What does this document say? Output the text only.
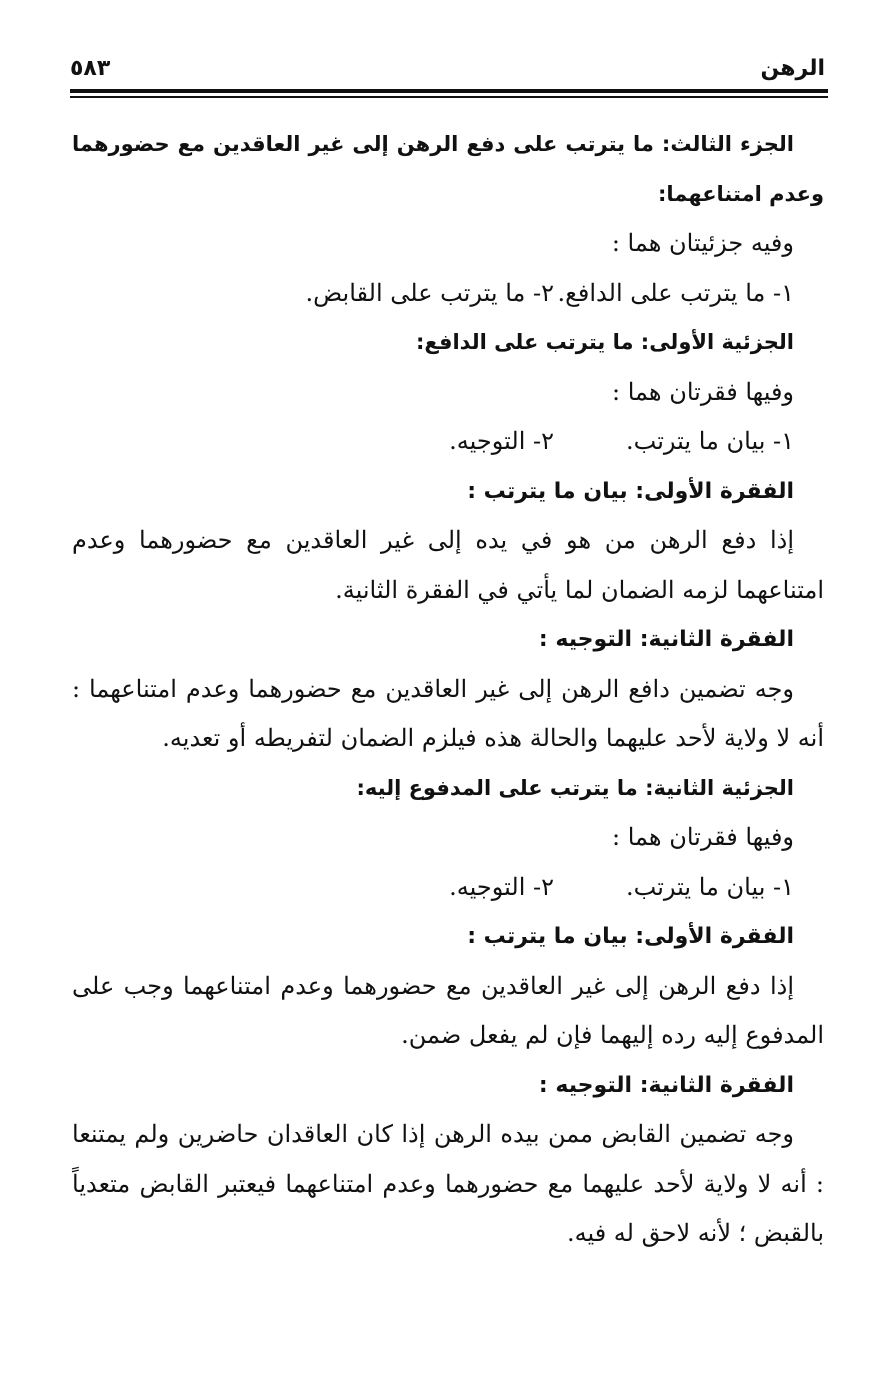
الرهن
٥٨٣

الجزء الثالث: ما يترتب على دفع الرهن إلى غير العاقدين مع حضورهما وعدم امتناعهما:

وفيه جزئيتان هما :

١- ما يترتب على الدافع.
٢- ما يترتب على القابض.

الجزئية الأولى: ما يترتب على الدافع:

وفيها فقرتان هما :

١- بيان ما يترتب.
٢- التوجيه.

الفقرة الأولى: بيان ما يترتب :

إذا دفع الرهن من هو في يده إلى غير العاقدين مع حضورهما وعدم امتناعهما لزمه الضمان لما يأتي في الفقرة الثانية.

الفقرة الثانية: التوجيه :

وجه تضمين دافع الرهن إلى غير العاقدين مع حضورهما وعدم امتناعهما : أنه لا ولاية لأحد عليهما والحالة هذه فيلزم الضمان لتفريطه أو تعديه.

الجزئية الثانية: ما يترتب على المدفوع إليه:

وفيها فقرتان هما :

١- بيان ما يترتب.
٢- التوجيه.

الفقرة الأولى: بيان ما يترتب :

إذا دفع الرهن إلى غير العاقدين مع حضورهما وعدم امتناعهما وجب على المدفوع إليه رده إليهما فإن لم يفعل ضمن.

الفقرة الثانية: التوجيه :

وجه تضمين القابض ممن بيده الرهن إذا كان العاقدان حاضرين ولم يمتنعا : أنه لا ولاية لأحد عليهما مع حضورهما وعدم امتناعهما فيعتبر القابض متعدياً بالقبض ؛ لأنه لاحق له فيه.
